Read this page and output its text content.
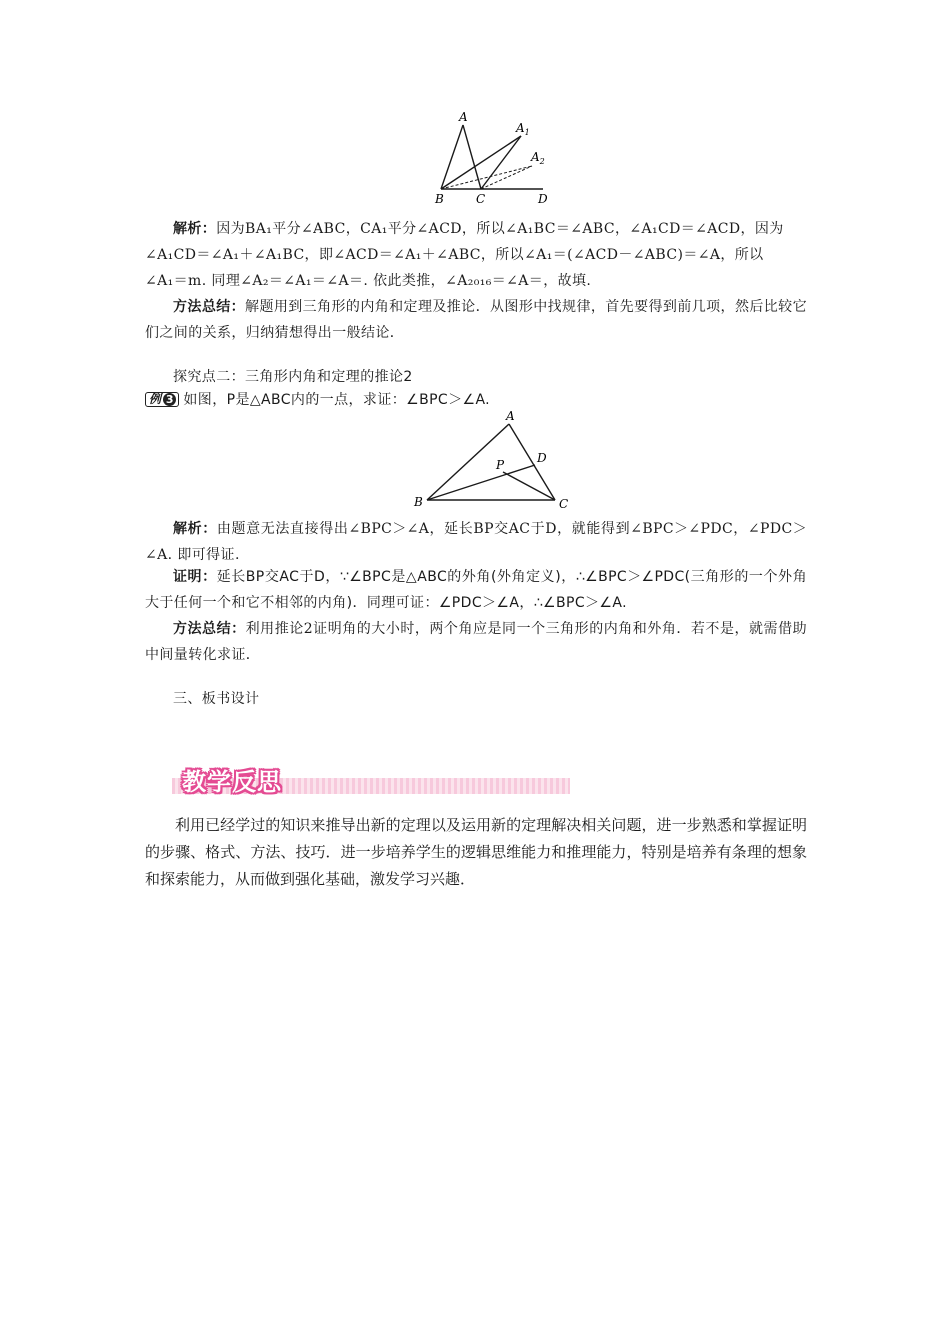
A
$A_1$
$A_2$
B	C	D

解析：因为BA₁平分∠ABC，CA₁平分∠ACD，所以∠A₁BC＝∠ABC，∠A₁CD＝∠ACD，因为

∠A₁CD＝∠A₁＋∠A₁BC，即∠ACD＝∠A₁＋∠ABC，所以∠A₁＝(∠ACD－∠ABC)＝∠A，所以

∠A₁＝m. 同理∠A₂＝∠A₁＝∠A＝. 依此类推，∠A₂₀₁₆＝∠A＝，故填.

方法总结：解题用到三角形的内角和定理及推论．从图形中找规律，首先要得到前几项，然后比较它们之间的关系，归纳猜想得出一般结论．

探究点二：三角形内角和定理的推论2

例 3 如图，P是△ABC内的一点，求证：∠BPC＞∠A.

A
B	C
D
P

解析：由题意无法直接得出∠BPC＞∠A，延长BP交AC于D，就能得到∠BPC＞∠PDC，∠PDC＞∠A. 即可得证.

证明：延长BP交AC于D，∵∠BPC是△ABC的外角(外角定义)，∴∠BPC＞∠PDC(三角形的一个外角大于任何一个和它不相邻的内角)．同理可证：∠PDC＞∠A，∴∠BPC＞∠A.

方法总结：利用推论2证明角的大小时，两个角应是同一个三角形的内角和外角．若不是，就需借助中间量转化求证．

三、板书设计

教学反思
利用已经学过的知识来推导出新的定理以及运用新的定理解决相关问题，进一步熟悉和掌握证明的步骤、格式、方法、技巧．进一步培养学生的逻辑思维能力和推理能力，特别是培养有条理的想象和探索能力，从而做到强化基础，激发学习兴趣．
